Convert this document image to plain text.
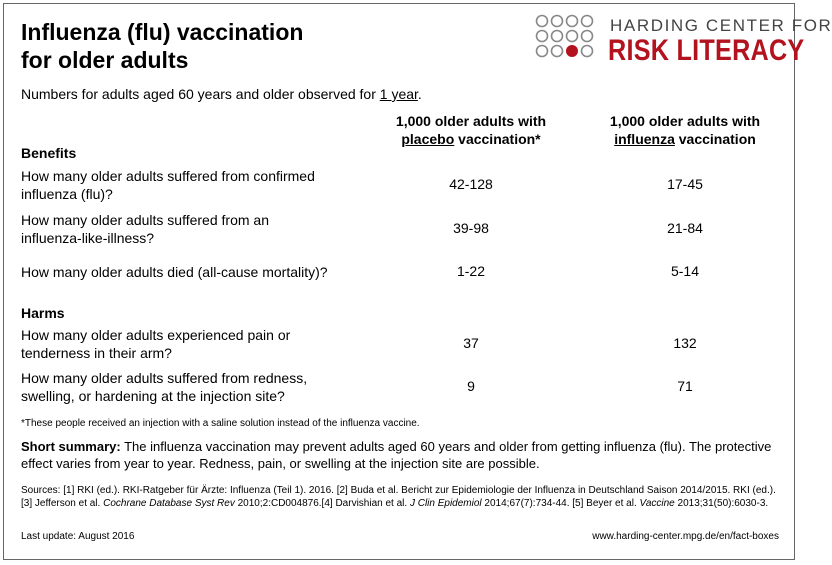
Influenza (flu) vaccination
for older adults
HARDING CENTER FOR
RISK LITERACY
Numbers for adults aged 60 years and older observed for 1 year.
1,000 older adults with
placebo vaccination*
1,000 older adults with
influenza vaccination
Benefits
How many older adults suffered from confirmed
influenza (flu)?
42-128	17-45
How many older adults suffered from an
influenza-like-illness?
39-98	21-84
How many older adults died (all-cause mortality)?	1-22	5-14
Harms
How many older adults experienced pain or
tenderness in their arm?
37	132
How many older adults suffered from redness,
swelling, or hardening at the injection site?
9	71
*These people received an injection with a saline solution instead of the influenza vaccine.
Short summary: The influenza vaccination may prevent adults aged 60 years and older from getting influenza (flu). The protective effect varies from year to year. Redness, pain, or swelling at the injection site are possible.
Sources: [1] RKI (ed.). RKI-Ratgeber für Ärzte: Influenza (Teil 1). 2016. [2] Buda et al. Bericht zur Epidemiologie der Influenza in Deutschland Saison 2014/2015. RKI (ed.). [3] Jefferson et al. Cochrane Database Syst Rev 2010;2:CD004876.[4] Darvishian et al. J Clin Epidemiol 2014;67(7):734-44. [5] Beyer et al. Vaccine 2013;31(50):6030-3.
Last update: August 2016	www.harding-center.mpg.de/en/fact-boxes
